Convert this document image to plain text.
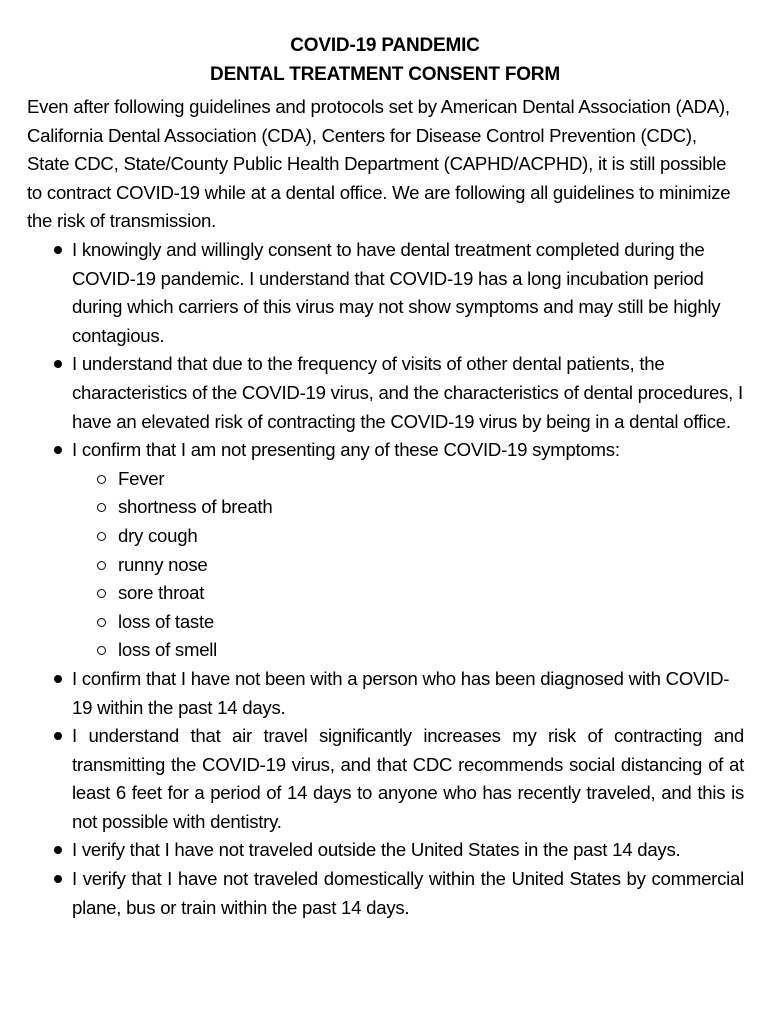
COVID-19 PANDEMIC
DENTAL TREATMENT CONSENT FORM

Even after following guidelines and protocols set by American Dental Association (ADA), California Dental Association (CDA), Centers for Disease Control Prevention (CDC), State CDC, State/County Public Health Department (CAPHD/ACPHD), it is still possible to contract COVID-19 while at a dental office. We are following all guidelines to minimize the risk of transmission.

I knowingly and willingly consent to have dental treatment completed during the COVID-19 pandemic. I understand that COVID-19 has a long incubation period during which carriers of this virus may not show symptoms and may still be highly contagious.
I understand that due to the frequency of visits of other dental patients, the characteristics of the COVID-19 virus, and the characteristics of dental procedures, I have an elevated risk of contracting the COVID-19 virus by being in a dental office.
I confirm that I am not presenting any of these COVID-19 symptoms:
Fever
shortness of breath
dry cough
runny nose
sore throat
loss of taste
loss of smell
I confirm that I have not been with a person who has been diagnosed with COVID-19 within the past 14 days.
I understand that air travel significantly increases my risk of contracting and transmitting the COVID-19 virus, and that CDC recommends social distancing of at least 6 feet for a period of 14 days to anyone who has recently traveled, and this is not possible with dentistry.
I verify that I have not traveled outside the United States in the past 14 days.
I verify that I have not traveled domestically within the United States by commercial plane, bus or train within the past 14 days.
